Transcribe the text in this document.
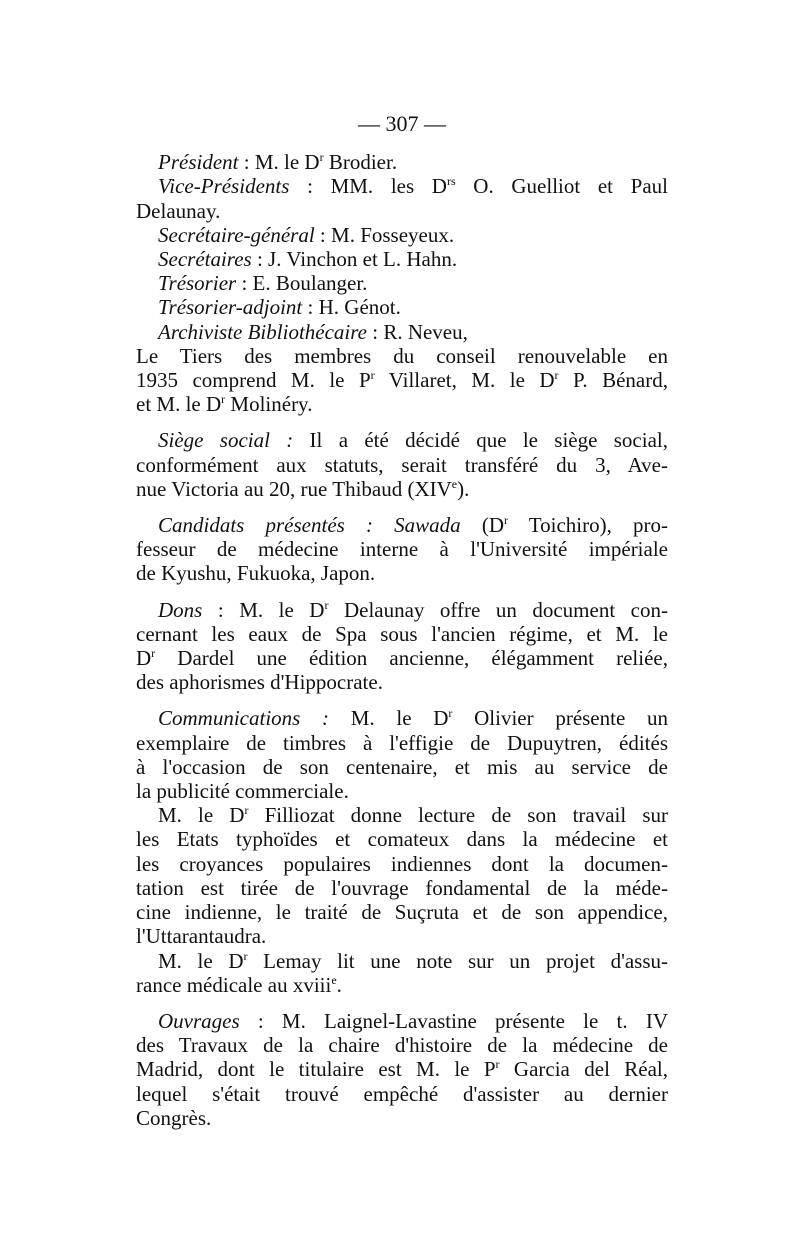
— 307 —
Président : M. le $D^r$ Brodier.
Vice-Présidents : MM. les $D^{rs}$ O. Guelliot et Paul
Delaunay.
Secrétaire-général : M. Fosseyeux.
Secrétaires : J. Vinchon et L. Hahn.
Trésorier : E. Boulanger.
Trésorier-adjoint : H. Génot.
Archiviste Bibliothécaire : R. Neveu,
Le Tiers des membres du conseil renouvelable en
1935 comprend M. le $P^r$ Villaret, M. le $D^r$ P. Bénard,
et M. le $D^r$ Molinéry.
Siège social : Il a été décidé que le siège social,
conformément aux statuts, serait transféré du 3, Ave-
nue Victoria au 20, rue Thibaud (XIVe).
Candidats présentés : Sawada ($D^r$ Toichiro), pro-
fesseur de médecine interne à l'Université impériale
de Kyushu, Fukuoka, Japon.
Dons : M. le $D^r$ Delaunay offre un document con-
cernant les eaux de Spa sous l'ancien régime, et M. le
$D^r$ Dardel une édition ancienne, élégamment reliée,
des aphorismes d'Hippocrate.
Communications : M. le $D^r$ Olivier présente un
exemplaire de timbres à l'effigie de Dupuytren, édités
à l'occasion de son centenaire, et mis au service de
la publicité commerciale.
M. le $D^r$ Filliozat donne lecture de son travail sur
les Etats typhoïdes et comateux dans la médecine et
les croyances populaires indiennes dont la documen-
tation est tirée de l'ouvrage fondamental de la méde-
cine indienne, le traité de Suçruta et de son appendice,
l'Uttarantaudra.
M. le $D^r$ Lemay lit une note sur un projet d'assu-
rance médicale au xviii$^e$.
Ouvrages : M. Laignel-Lavastine présente le t. IV
des Travaux de la chaire d'histoire de la médecine de
Madrid, dont le titulaire est M. le $P^r$ Garcia del Réal,
lequel s'était trouvé empêché d'assister au dernier
Congrès.
